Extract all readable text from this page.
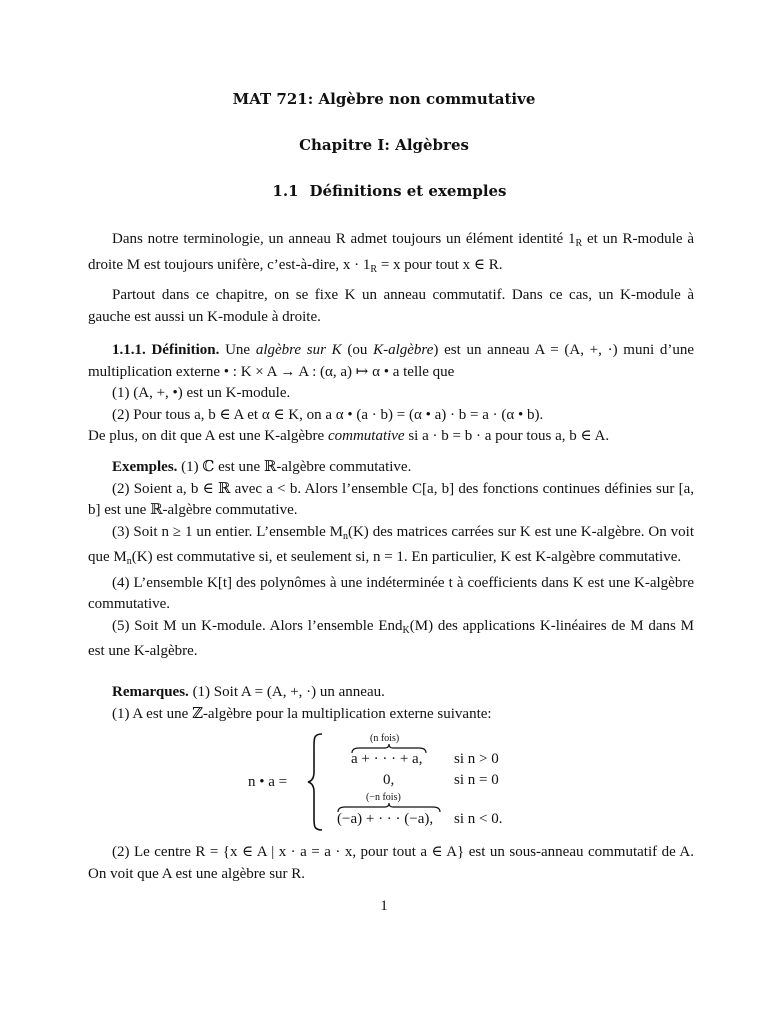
MAT 721: Algèbre non commutative
Chapitre I: Algèbres
1.1 Définitions et exemples

Dans notre terminologie, un anneau R admet toujours un élément identité $1_R$ et un R-module à droite M est toujours unifère, c’est-à-dire, $x \cdot 1_R = x$ pour tout x ∈ R.

Partout dans ce chapitre, on se fixe K un anneau commutatif. Dans ce cas, un K-module à gauche est aussi un K-module à droite.

1.1.1. Définition. Une algèbre sur K (ou K-algèbre) est un anneau A = (A, +, ·) muni d’une multiplication externe • : K × A → A : (α, a) ↦ α • a telle que

(1) (A, +, •) est un K-module.

(2) Pour tous a, b ∈ A et α ∈ K, on a α • (a · b) = (α • a) · b = a · (α • b).

De plus, on dit que A est une K-algèbre commutative si a · b = b · a pour tous a, b ∈ A.

Exemples. (1) ℂ est une ℝ-algèbre commutative.

(2) Soient a, b ∈ ℝ avec a < b. Alors l’ensemble C[a, b] des fonctions continues définies sur [a, b] est une ℝ-algèbre commutative.

(3) Soit n ≥ 1 un entier. L’ensemble $M_n(K)$ des matrices carrées sur K est une K-algèbre. On voit que $M_n(K)$ est commutative si, et seulement si, n = 1. En particulier, K est K-algèbre commutative.

(4) L’ensemble K[t] des polynômes à une indéterminée t à coefficients dans K est une K-algèbre commutative.

(5) Soit M un K-module. Alors l’ensemble End$_K$(M) des applications K-linéaires de M dans M est une K-algèbre.

Remarques. (1) Soit A = (A, +, ·) un anneau.

(1) A est une ℤ-algèbre pour la multiplication externe suivante:

n • a =
(n fois)
a + · · · + a, si n > 0
0,	si n = 0
(−n fois)
(−a) + · · · (−a), si n < 0.

(2) Le centre R = {x ∈ A | x · a = a · x, pour tout a ∈ A} est un sous-anneau commutatif de A. On voit que A est une algèbre sur R.

1
